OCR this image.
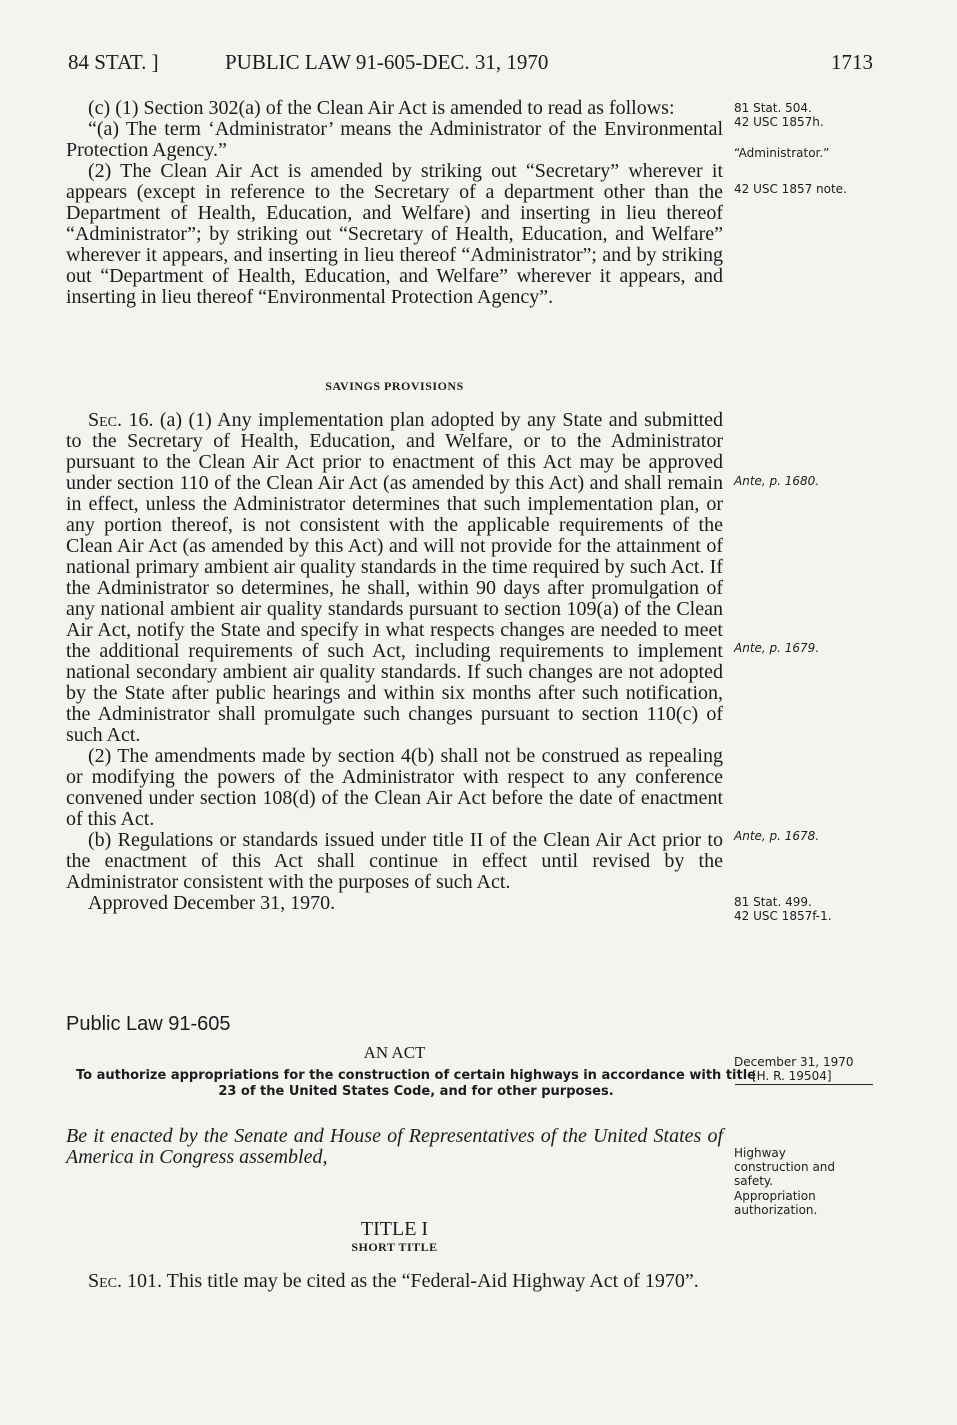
84 STAT. ]	PUBLIC LAW 91-605-DEC. 31, 1970	1713

(c) (1) Section 302(a) of the Clean Air Act is amended to read as follows:

“(a) The term ‘Administrator’ means the Administrator of the Environmental Protection Agency.”

(2) The Clean Air Act is amended by striking out “Secretary” wherever it appears (except in reference to the Secretary of a department other than the Department of Health, Education, and Welfare) and inserting in lieu thereof “Administrator”; by striking out “Secretary of Health, Education, and Welfare” wherever it appears, and inserting in lieu thereof “Administrator”; and by striking out “Department of Health, Education, and Welfare” wherever it appears, and inserting in lieu thereof “Environmental Protection Agency”.

SAVINGS PROVISIONS

Sec. 16. (a) (1) Any implementation plan adopted by any State and submitted to the Secretary of Health, Education, and Welfare, or to the Administrator pursuant to the Clean Air Act prior to enactment of this Act may be approved under section 110 of the Clean Air Act (as amended by this Act) and shall remain in effect, unless the Administrator determines that such implementation plan, or any portion thereof, is not consistent with the applicable requirements of the Clean Air Act (as amended by this Act) and will not provide for the attainment of national primary ambient air quality standards in the time required by such Act. If the Administrator so determines, he shall, within 90 days after promulgation of any national ambient air quality standards pursuant to section 109(a) of the Clean Air Act, notify the State and specify in what respects changes are needed to meet the additional requirements of such Act, including requirements to implement national secondary ambient air quality standards. If such changes are not adopted by the State after public hearings and within six months after such notification, the Administrator shall promulgate such changes pursuant to section 110(c) of such Act.

(2) The amendments made by section 4(b) shall not be construed as repealing or modifying the powers of the Administrator with respect to any conference convened under section 108(d) of the Clean Air Act before the date of enactment of this Act.

(b) Regulations or standards issued under title II of the Clean Air Act prior to the enactment of this Act shall continue in effect until revised by the Administrator consistent with the purposes of such Act.

Approved December 31, 1970.

Public Law 91-605
AN ACT
To authorize appropriations for the construction of certain highways in accordance with title 23 of the United States Code, and for other purposes.
Be it enacted by the Senate and House of Representatives of the United States of America in Congress assembled,
TITLE I
SHORT TITLE

Sec. 101. This title may be cited as the “Federal-Aid Highway Act of 1970”.

81 Stat. 504.
42 USC 1857h.
“Administrator.”
42 USC 1857 note.
Ante, p. 1680.
Ante, p. 1679.
Ante, p. 1678.
81 Stat. 499.
42 USC 1857f-1.
December 31, 1970
[H. R. 19504]
Highway construction and safety.
Appropriation authorization.
